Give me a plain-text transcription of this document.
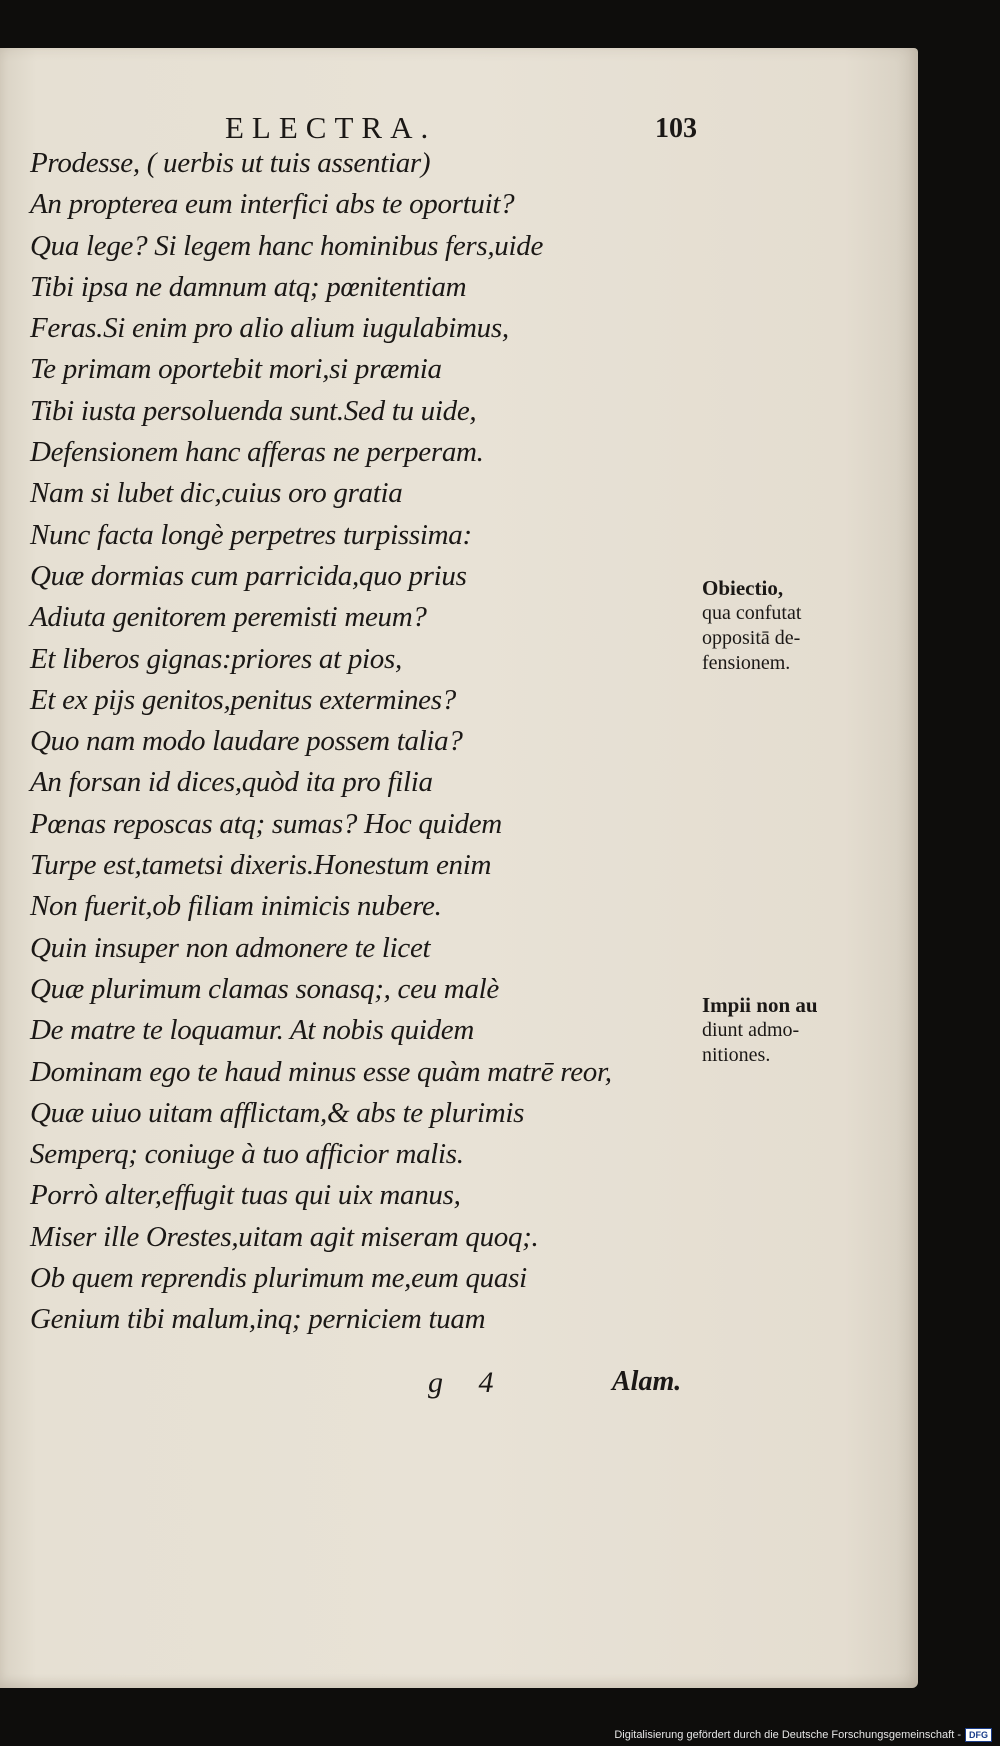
ELECTRA.	103
Prodesse, ( uerbis ut tuis assentiar)
An propterea eum interfici abs te oportuit?
Qua lege? Si legem hanc hominibus fers,uide
Tibi ipsa ne damnum atq; pœnitentiam
Feras.Si enim pro alio alium iugulabimus,
Te primam oportebit mori,si præmia
Tibi iusta persoluenda sunt.Sed tu uide,
Defensionem hanc afferas ne perperam.
Nam si lubet dic,cuius oro gratia
Nunc facta longè perpetres turpissima:
Quæ dormias cum parricida,quo prius
Adiuta genitorem peremisti meum?
Et liberos gignas:priores at pios,
Et ex pijs genitos,penitus extermines?
Quo nam modo laudare possem talia?
An forsan id dices,quòd ita pro filia
Pœnas reposcas atq; sumas? Hoc quidem
Turpe est,tametsi dixeris.Honestum enim
Non fuerit,ob filiam inimicis nubere.
Quin insuper non admonere te licet
Quæ plurimum clamas sonasq;, ceu malè
De matre te loquamur. At nobis quidem
Dominam ego te haud minus esse quàm matrē reor,
Quæ uiuo uitam afflictam,& abs te plurimis
Semperq; coniuge à tuo afficior malis.
Porrò alter,effugit tuas qui uix manus,
Miser ille Orestes,uitam agit miseram quoq;.
Ob quem reprendis plurimum me,eum quasi
Genium tibi malum,inq; perniciem tuam
Obiectio,
qua confutat
oppositā de-
fensionem.
Impii non au
diunt admo-
nitiones.
g 4	Alam.
Digitalisierung gefördert durch die Deutsche Forschungsgemeinschaft - DFG
